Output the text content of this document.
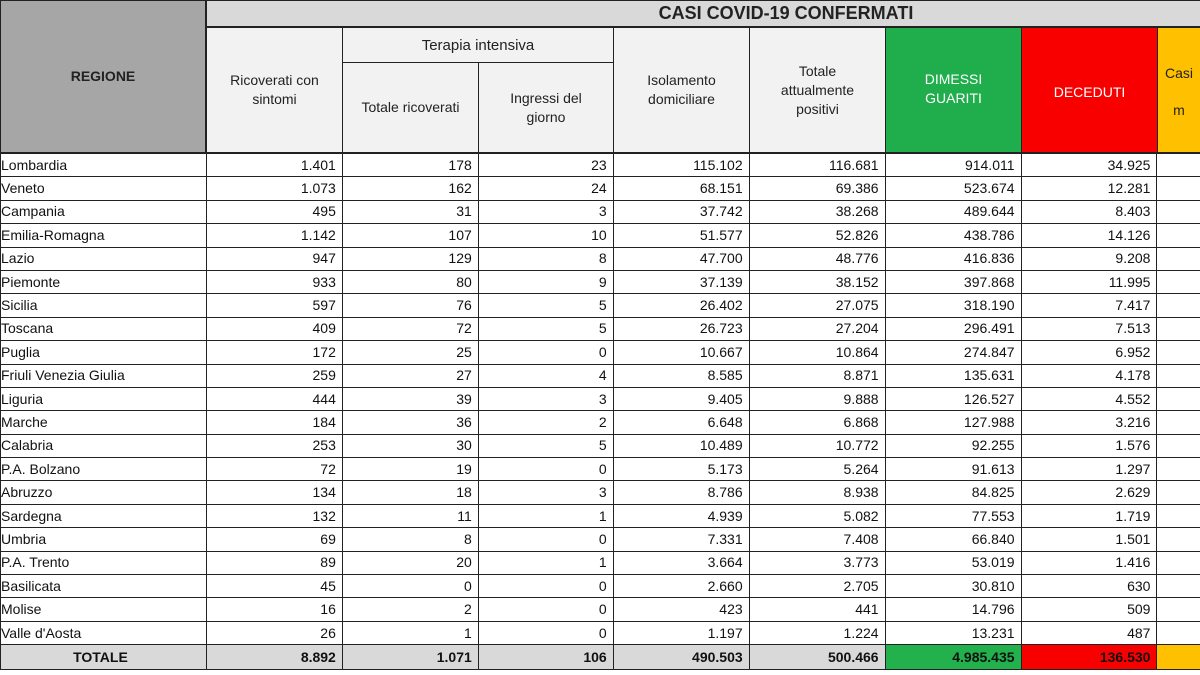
REGIONE
CASI COVID-19 CONFERMATI
Ricoverati con sintomi
Terapia intensiva
Totale ricoverati
Ingressi del giorno
Isolamento domiciliare
Totale attualmente positivi
DIMESSI GUARITI	DECEDUTI
Casi
m
Lombardia	1.401	178	23	115.102	116.681	914.011	34.925	
Veneto	1.073	162	24	68.151	69.386	523.674	12.281	
Campania	495	31	3	37.742	38.268	489.644	8.403	
Emilia-Romagna	1.142	107	10	51.577	52.826	438.786	14.126	
Lazio	947	129	8	47.700	48.776	416.836	9.208	
Piemonte	933	80	9	37.139	38.152	397.868	11.995	
Sicilia	597	76	5	26.402	27.075	318.190	7.417	
Toscana	409	72	5	26.723	27.204	296.491	7.513	
Puglia	172	25	0	10.667	10.864	274.847	6.952	
Friuli Venezia Giulia	259	27	4	8.585	8.871	135.631	4.178	
Liguria	444	39	3	9.405	9.888	126.527	4.552	
Marche	184	36	2	6.648	6.868	127.988	3.216	
Calabria	253	30	5	10.489	10.772	92.255	1.576	
P.A. Bolzano	72	19	0	5.173	5.264	91.613	1.297	
Abruzzo	134	18	3	8.786	8.938	84.825	2.629	
Sardegna	132	11	1	4.939	5.082	77.553	1.719	
Umbria	69	8	0	7.331	7.408	66.840	1.501	
P.A. Trento	89	20	1	3.664	3.773	53.019	1.416	
Basilicata	45	0	0	2.660	2.705	30.810	630	
Molise	16	2	0	423	441	14.796	509	
Valle d'Aosta	26	1	0	1.197	1.224	13.231	487	
TOTALE	8.892	1.071	106	490.503	500.466	4.985.435	136.530	
